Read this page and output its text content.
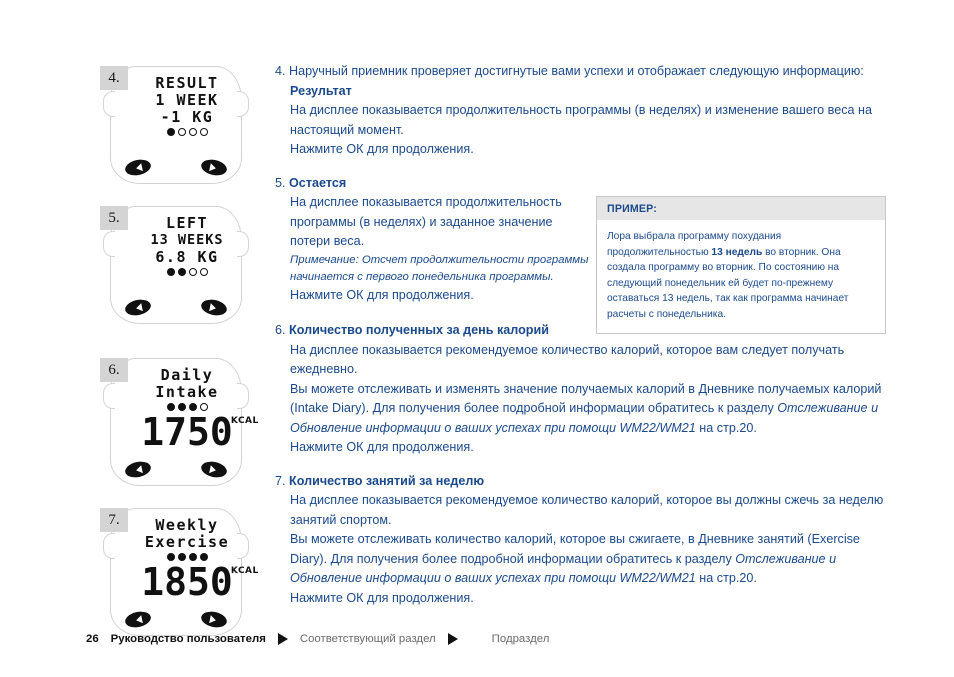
4.	RESULT
1 WEEK
-1 KG
5.	LEFT
13 WEEKS
6.8 KG
6.	Daily
Intake
1750
KCAL
7.	Weekly
Exercise
1850
KCAL

4. Наручный приемник проверяет достигнутые вами успехи и отображает следующую информацию:

Результат

На дисплее показывается продолжительность программы (в неделях) и изменение вашего веса на настоящий момент.

Нажмите ОК для продолжения.

5. Остается

На дисплее показывается продолжительность программы (в неделях) и заданное значение потери веса.

Примечание: Отсчет продолжительности программы начинается с первого понедельника программы.

Нажмите ОК для продолжения.

6. Количество полученных за день калорий

На дисплее показывается рекомендуемое количество калорий, которое вам следует получать ежедневно.

Вы можете отслеживать и изменять значение получаемых калорий в Дневнике получаемых калорий (Intake Diary). Для получения более подробной информации обратитесь к разделу Отслеживание и Обновление информации о ваших успехах при помощи WM22/WM21 на стр.20.

Нажмите ОК для продолжения.

7. Количество занятий за неделю

На дисплее показывается рекомендуемое количество калорий, которое вы должны сжечь за неделю занятий спортом.

Вы можете отслеживать количество калорий, которое вы сжигаете, в Дневнике занятий (Exercise Diary). Для получения более подробной информации обратитесь к разделу Отслеживание и Обновление информации о ваших успехах при помощи WM22/WM21 на стр.20.

Нажмите ОК для продолжения.

ПРИМЕР:
Лора выбрала программу похудания продолжительностью 13 недель во вторник. Она создала программу во вторник. По состоянию на следующий понедельник ей будет по-прежнему оставаться 13 недель, так как программа начинает расчеты с понедельника.
26 Руководство пользователя	Соответствующий раздел	Подраздел
